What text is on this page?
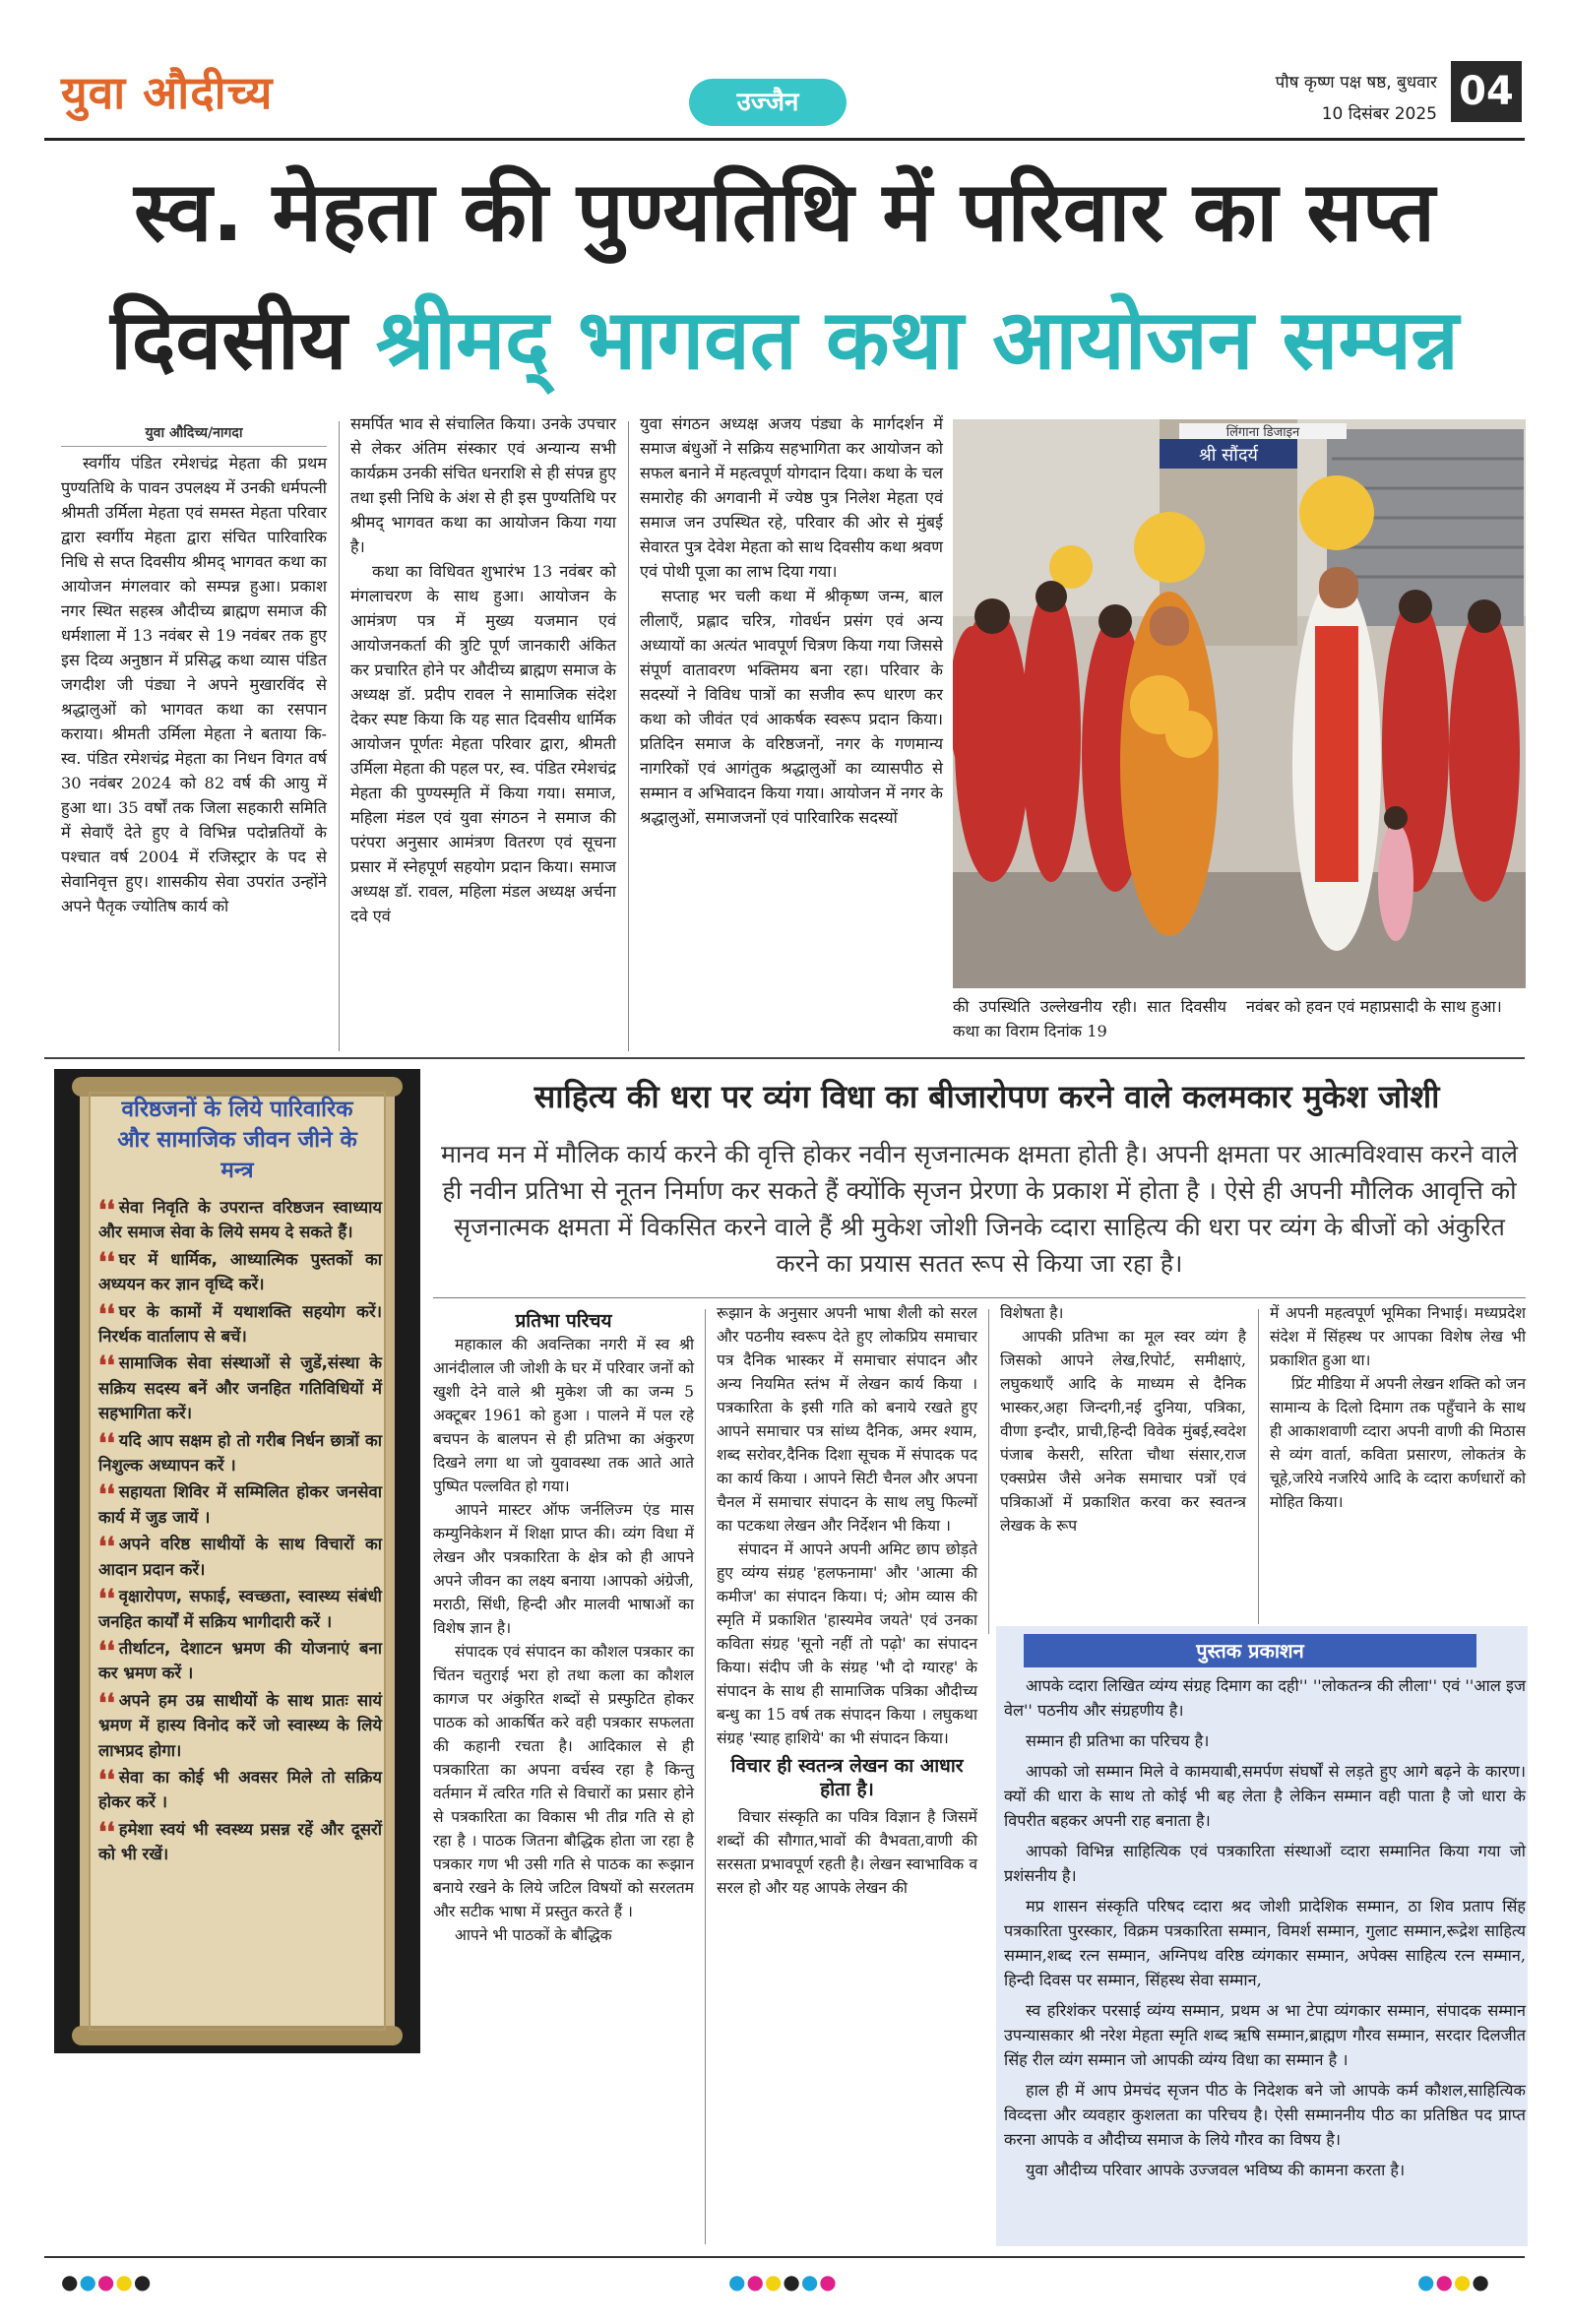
युवा औदीच्य	उज्जैन
पौष कृष्ण पक्ष षष्ठ, बुधवार
10 दिसंबर 2025 04
स्व. मेहता की पुण्यतिथि में परिवार का सप्त
दिवसीय श्रीमद् भागवत कथा आयोजन सम्पन्न
युवा औदिच्य/नागदा

स्वर्गीय पंडित रमेशचंद्र मेहता की प्रथम पुण्यतिथि के पावन उपलक्ष्य में उनकी धर्मपत्नी श्रीमती उर्मिला मेहता एवं समस्त मेहता परिवार द्वारा स्वर्गीय मेहता द्वारा संचित पारिवारिक निधि से सप्त दिवसीय श्रीमद् भागवत कथा का आयोजन मंगलवार को सम्पन्न हुआ। प्रकाश नगर स्थित सहस्त्र औदीच्य ब्राह्मण समाज की धर्मशाला में 13 नवंबर से 19 नवंबर तक हुए इस दिव्य अनुष्ठान में प्रसिद्ध कथा व्यास पंडित जगदीश जी पंड्या ने अपने मुखारविंद से श्रद्धालुओं को भागवत कथा का रसपान कराया। श्रीमती उर्मिला मेहता ने बताया कि- स्व. पंडित रमेशचंद्र मेहता का निधन विगत वर्ष 30 नवंबर 2024 को 82 वर्ष की आयु में हुआ था। 35 वर्षों तक जिला सहकारी समिति में सेवाएँ देते हुए वे विभिन्न पदोन्नतियों के पश्चात वर्ष 2004 में रजिस्ट्रार के पद से सेवानिवृत्त हुए। शासकीय सेवा उपरांत उन्होंने अपने पैतृक ज्योतिष कार्य को

समर्पित भाव से संचालित किया। उनके उपचार से लेकर अंतिम संस्कार एवं अन्यान्य सभी कार्यक्रम उनकी संचित धनराशि से ही संपन्न हुए तथा इसी निधि के अंश से ही इस पुण्यतिथि पर श्रीमद् भागवत कथा का आयोजन किया गया है।

कथा का विधिवत शुभारंभ 13 नवंबर को मंगलाचरण के साथ हुआ। आयोजन के आमंत्रण पत्र में मुख्य यजमान एवं आयोजनकर्ता की त्रुटि पूर्ण जानकारी अंकित कर प्रचारित होने पर औदीच्य ब्राह्मण समाज के अध्यक्ष डॉ. प्रदीप रावल ने सामाजिक संदेश देकर स्पष्ट किया कि यह सात दिवसीय धार्मिक आयोजन पूर्णतः मेहता परिवार द्वारा, श्रीमती उर्मिला मेहता की पहल पर, स्व. पंडित रमेशचंद्र मेहता की पुण्यस्मृति में किया गया। समाज, महिला मंडल एवं युवा संगठन ने समाज की परंपरा अनुसार आमंत्रण वितरण एवं सूचना प्रसार में स्नेहपूर्ण सहयोग प्रदान किया। समाज अध्यक्ष डॉ. रावल, महिला मंडल अध्यक्ष अर्चना दवे एवं

युवा संगठन अध्यक्ष अजय पंड्या के मार्गदर्शन में समाज बंधुओं ने सक्रिय सहभागिता कर आयोजन को सफल बनाने में महत्वपूर्ण योगदान दिया। कथा के चल समारोह की अगवानी में ज्येष्ठ पुत्र निलेश मेहता एवं समाज जन उपस्थित रहे, परिवार की ओर से मुंबई सेवारत पुत्र देवेश मेहता को साथ दिवसीय कथा श्रवण एवं पोथी पूजा का लाभ दिया गया।

सप्ताह भर चली कथा में श्रीकृष्ण जन्म, बाल लीलाएँ, प्रह्लाद चरित्र, गोवर्धन प्रसंग एवं अन्य अध्यायों का अत्यंत भावपूर्ण चित्रण किया गया जिससे संपूर्ण वातावरण भक्तिमय बना रहा। परिवार के सदस्यों ने विविध पात्रों का सजीव रूप धारण कर कथा को जीवंत एवं आकर्षक स्वरूप प्रदान किया। प्रतिदिन समाज के वरिष्ठजनों, नगर के गणमान्य नागरिकों एवं आगंतुक श्रद्धालुओं का व्यासपीठ से सम्मान व अभिवादन किया गया। आयोजन में नगर के श्रद्धालुओं, समाजजनों एवं पारिवारिक सदस्यों

श्री सौंदर्य
लिंगाना डिजाइन
की उपस्थिति उल्लेखनीय रही। सात दिवसीय कथा का विराम दिनांक 19
नवंबर को हवन एवं महाप्रसादी के साथ हुआ।
वरिष्ठजनों के लिये पारिवारिक और सामाजिक जीवन जीने के मन्त्र
❛❛ सेवा निवृति के उपरान्त वरिष्ठजन स्वाध्याय और समाज सेवा के लिये समय दे सकते हैं।
❛❛ घर में धार्मिक, आध्यात्मिक पुस्तकों का अध्ययन कर ज्ञान वृध्दि करें।
❛❛ घर के कामों में यथाशक्ति सहयोग करें।निरर्थक वार्तालाप से बचें।
❛❛ सामाजिक सेवा संस्थाओं से जुडें,संस्था के सक्रिय सदस्य बनें और जनहित गतिविधियों में सहभागिता करें।
❛❛ यदि आप सक्षम हो तो गरीब निर्धन छात्रों का निशुल्क अध्यापन करें ।
❛❛ सहायता शिविर में सम्मिलित होकर जनसेवा कार्य में जुड जायें ।
❛❛ अपने वरिष्ठ साथीयों के साथ विचारों का आदान प्रदान करें।
❛❛ वृक्षारोपण, सफाई, स्वच्छता, स्वास्थ्य संबंधी जनहित कार्यों में सक्रिय भागीदारी करें ।
❛❛ तीर्थाटन, देशाटन भ्रमण की योजनाएं बना कर भ्रमण करें ।
❛❛ अपने हम उम्र साथीयों के साथ प्रातः सायं भ्रमण में हास्य विनोद करें जो स्वास्थ्य के लिये लाभप्रद होगा।
❛❛ सेवा का कोई भी अवसर मिले तो सक्रिय होकर करें ।
❛❛ हमेशा स्वयं भी स्वस्थ्य प्रसन्न रहें और दूसरों को भी रखें।
साहित्य की धरा पर व्यंग विधा का बीजारोपण करने वाले कलमकार मुकेश जोशी
मानव मन में मौलिक कार्य करने की वृत्ति होकर नवीन सृजनात्मक क्षमता होती है। अपनी क्षमता पर आत्मविश्वास करने वाले ही नवीन प्रतिभा से नूतन निर्माण कर सकते हैं क्योंकि सृजन प्रेरणा के प्रकाश में होता है । ऐसे ही अपनी मौलिक आवृत्ति को सृजनात्मक क्षमता में विकसित करने वाले हैं श्री मुकेश जोशी जिनके व्दारा साहित्य की धरा पर व्यंग के बीजों को अंकुरित करने का प्रयास सतत रूप से किया जा रहा है।
प्रतिभा परिचय

महाकाल की अवन्तिका नगरी में स्व श्री आनंदीलाल जी जोशी के घर में परिवार जनों को खुशी देने वाले श्री मुकेश जी का जन्म 5 अक्टूबर 1961 को हुआ । पालने में पल रहे बचपन के बालपन से ही प्रतिभा का अंकुरण दिखने लगा था जो युवावस्था तक आते आते पुष्पित पल्लवित हो गया।

आपने मास्टर ऑफ जर्नलिज्म एंड मास कम्युनिकेशन में शिक्षा प्राप्त की। व्यंग विधा में लेखन और पत्रकारिता के क्षेत्र को ही आपने अपने जीवन का लक्ष्य बनाया ।आपको अंग्रेजी, मराठी, सिंधी, हिन्दी और मालवी भाषाओं का विशेष ज्ञान है।

संपादक एवं संपादन का कौशल पत्रकार का चिंतन चतुराई भरा हो तथा कला का कौशल कागज पर अंकुरित शब्दों से प्रस्फुटित होकर पाठक को आकर्षित करे वही पत्रकार सफलता की कहानी रचता है। आदिकाल से ही पत्रकारिता का अपना वर्चस्व रहा है किन्तु वर्तमान में त्वरित गति से विचारों का प्रसार होने से पत्रकारिता का विकास भी तीव्र गति से हो रहा है । पाठक जितना बौद्धिक होता जा रहा है पत्रकार गण भी उसी गति से पाठक का रूझान बनाये रखने के लिये जटिल विषयों को सरलतम और सटीक भाषा में प्रस्तुत करते हैं ।

आपने भी पाठकों के बौद्धिक

रूझान के अनुसार अपनी भाषा शैली को सरल और पठनीय स्वरूप देते हुए लोकप्रिय समाचार पत्र दैनिक भास्कर में समाचार संपादन और अन्य नियमित स्तंभ में लेखन कार्य किया । पत्रकारिता के इसी गति को बनाये रखते हुए आपने समाचार पत्र सांध्य दैनिक, अमर श्याम, शब्द सरोवर,दैनिक दिशा सूचक में संपादक पद का कार्य किया । आपने सिटी चैनल और अपना चैनल में समाचार संपादन के साथ लघु फिल्मों का पटकथा लेखन और निर्देशन भी किया ।

संपादन में आपने अपनी अमिट छाप छोड़ते हुए व्यंग्य संग्रह 'हलफनामा' और 'आत्मा की कमीज' का संपादन किया। पं; ओम व्यास की स्मृति में प्रकाशित 'हास्यमेव जयते' एवं उनका कविता संग्रह 'सूनो नहीं तो पढ़ो' का संपादन किया। संदीप जी के संग्रह 'भौ दो ग्यारह' के संपादन के साथ ही सामाजिक पत्रिका औदीच्य बन्धु का 15 वर्ष तक संपादन किया । लघुकथा संग्रह 'स्याह हाशिये' का भी संपादन किया।

विचार ही स्वतन्त्र लेखन का आधार होता है।

विचार संस्कृति का पवित्र विज्ञान है जिसमें शब्दों की सौगात,भावों की वैभवता,वाणी की सरसता प्रभावपूर्ण रहती है। लेखन स्वाभाविक व सरल हो और यह आपके लेखन की

विशेषता है।

आपकी प्रतिभा का मूल स्वर व्यंग है जिसको आपने लेख,रिपोर्ट, समीक्षाएं, लघुकथाएँ आदि के माध्यम से दैनिक भास्कर,अहा जिन्दगी,नई दुनिया, पत्रिका, वीणा इन्दौर, प्राची,हिन्दी विवेक मुंबई,स्वदेश पंजाब केसरी, सरिता चौथा संसार,राज एक्सप्रेस जैसे अनेक समाचार पत्रों एवं पत्रिकाओं में प्रकाशित करवा कर स्वतन्त्र लेखक के रूप

में अपनी महत्वपूर्ण भूमिका निभाई। मध्यप्रदेश संदेश में सिंहस्थ पर आपका विशेष लेख भी प्रकाशित हुआ था।

प्रिंट मीडिया में अपनी लेखन शक्ति को जन सामान्य के दिलो दिमाग तक पहुँचाने के साथ ही आकाशवाणी व्दारा अपनी वाणी की मिठास से व्यंग वार्ता, कविता प्रसारण, लोकतंत्र के चूहे,जरिये नजरिये आदि के व्दारा कर्णधारों को मोहित किया।

पुस्तक प्रकाशन

आपके व्दारा लिखित व्यंग्य संग्रह दिमाग का दही'' ''लोकतन्त्र की लीला'' एवं ''आल इज वेल'' पठनीय और संग्रहणीय है।

सम्मान ही प्रतिभा का परिचय है।

आपको जो सम्मान मिले वे कामयाबी,समर्पण संघर्षों से लड़ते हुए आगे बढ़ने के कारण। क्यों की धारा के साथ तो कोई भी बह लेता है लेकिन सम्मान वही पाता है जो धारा के विपरीत बहकर अपनी राह बनाता है।

आपको विभिन्न साहित्यिक एवं पत्रकारिता संस्थाओं व्दारा सम्मानित किया गया जो प्रशंसनीय है।

मप्र शासन संस्कृति परिषद व्दारा श्रद जोशी प्रादेशिक सम्मान, ठा शिव प्रताप सिंह पत्रकारिता पुरस्कार, विक्रम पत्रकारिता सम्मान, विमर्श सम्मान, गुलाट सम्मान,रूद्रेश साहित्य सम्मान,शब्द रत्न सम्मान, अग्निपथ वरिष्ठ व्यंगकार सम्मान, अपेक्स साहित्य रत्न सम्मान, हिन्दी दिवस पर सम्मान, सिंहस्थ सेवा सम्मान,

स्व हरिशंकर परसाई व्यंग्य सम्मान, प्रथम अ भा टेपा व्यंगकार सम्मान, संपादक सम्मान उपन्यासकार श्री नरेश मेहता स्मृति शब्द ऋषि सम्मान,ब्राह्मण गौरव सम्मान, सरदार दिलजीत सिंह रील व्यंग सम्मान जो आपकी व्यंग्य विधा का सम्मान है ।

हाल ही में आप प्रेमचंद सृजन पीठ के निदेशक बने जो आपके कर्म कौशल,साहित्यिक विव्दत्ता और व्यवहार कुशलता का परिचय है। ऐसी सम्माननीय पीठ का प्रतिष्ठित पद प्राप्त करना आपके व औदीच्य समाज के लिये गौरव का विषय है।

युवा औदीच्य परिवार आपके उज्जवल भविष्य की कामना करता है।

●●●●●	●●●●●●	●●●●
